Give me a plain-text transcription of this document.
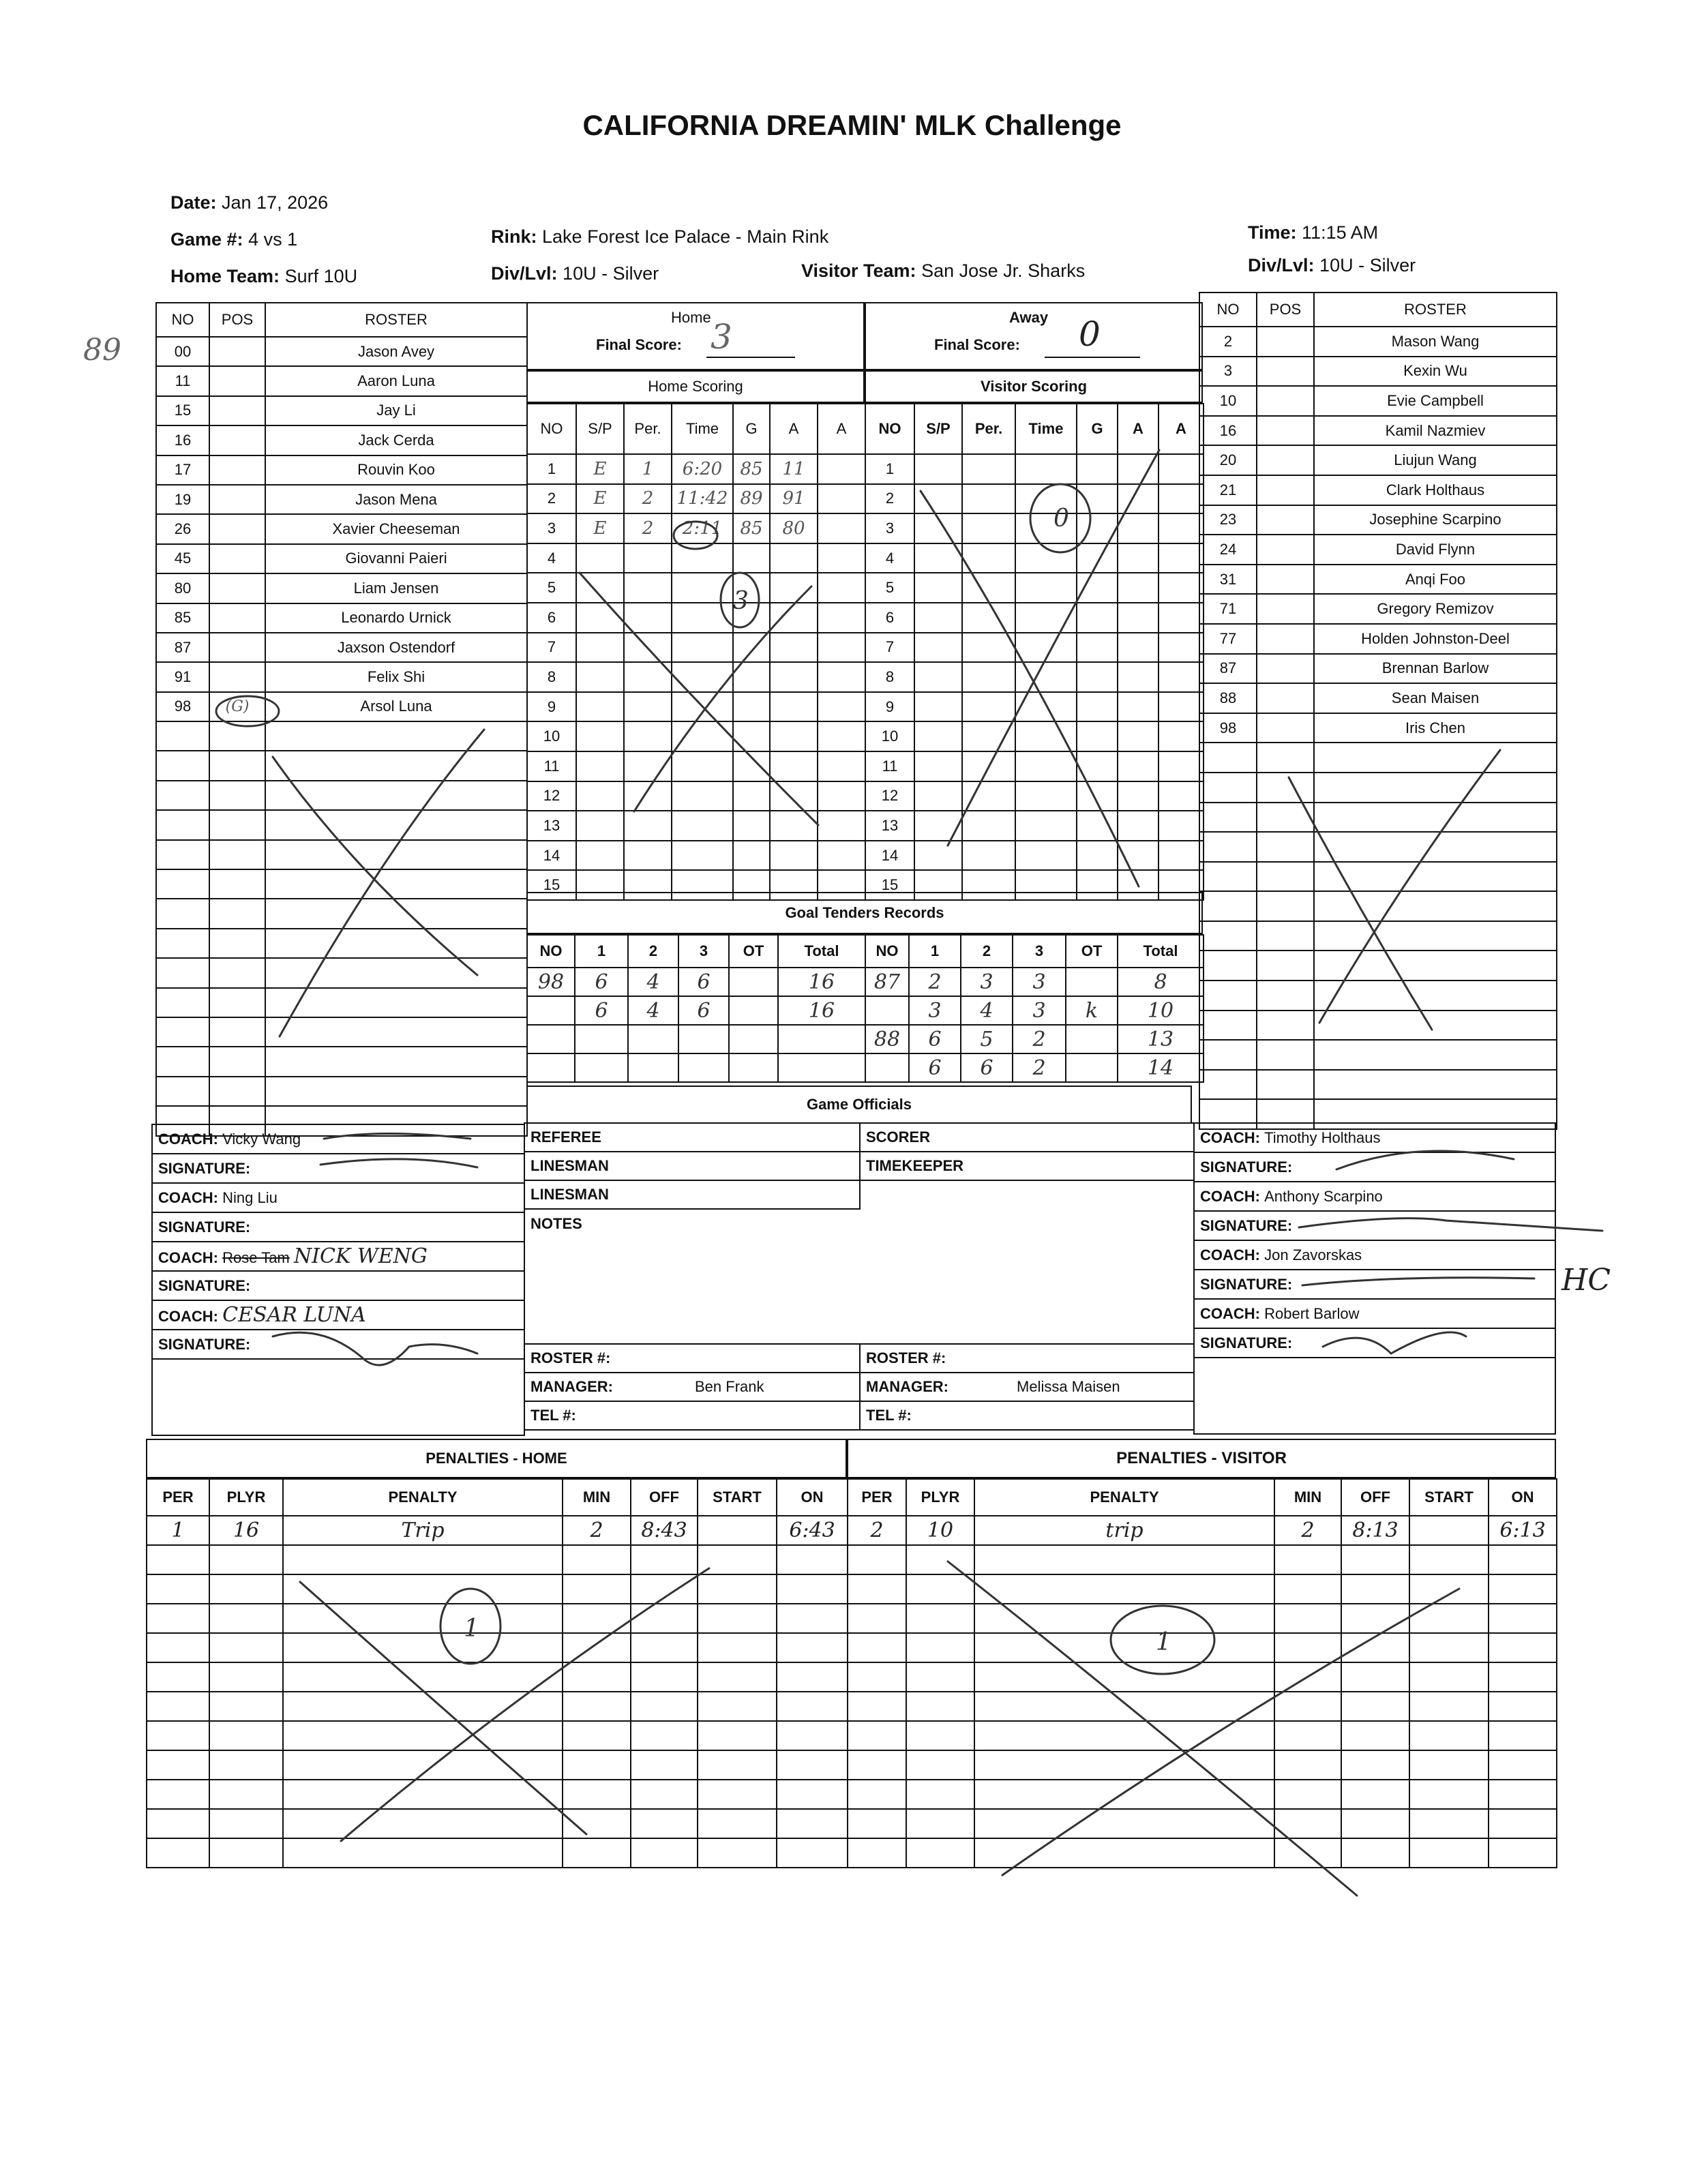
CALIFORNIA DREAMIN' MLK Challenge
Date: Jan 17, 2026
Game #: 4 vs 1	Rink: Lake Forest Ice Palace - Main Rink	Time: 11:15 AM
Home Team: Surf 10U	Div/Lvl: 10U - Silver	Visitor Team: San Jose Jr. Sharks	Div/Lvl: 10U - Silver
89
NO	POS	ROSTER
00		Jason Avey
11		Aaron Luna
15		Jay Li
16		Jack Cerda
17		Rouvin Koo
19		Jason Mena
26		Xavier Cheeseman
45		Giovanni Paieri
80		Liam Jensen
85		Leonardo Urnick
87		Jaxson Ostendorf
91		Felix Shi
98	(G)	Arsol Luna

NO	POS	ROSTER
2		Mason Wang
3		Kexin Wu
10		Evie Campbell
16		Kamil Nazmiev
20		Liujun Wang
21		Clark Holthaus
23		Josephine Scarpino
24		David Flynn
31		Anqi Foo
71		Gregory Remizov
77		Holden Johnston-Deel
87		Brennan Barlow
88		Sean Maisen
98		Iris Chen

Home
Final Score: 3	Away
Final Score: 0
Home Scoring	Visitor Scoring
NO	S/P	Per.	Time	G	A	A
1	E	1	6:20	85	11	
2	E	2	11:42	89	91	
3	E	2	2:11	85	80	
4						
5						
6						
7						
8						
9						
10						
11						
12						
13						
14						
15						
NO	S/P	Per.	Time	G	A	A
1						
2						
3						
4						
5						
6						
7						
8						
9						
10						
11						
12						
13						
14						
15						
Goal Tenders Records
NO	1	2	3	OT	Total
98	6	4	6		16
	6	4	6		16

NO	1	2	3	OT	Total
87	2	3	3		8
	3	4	3	k	10
88	6	5	2		13
	6	6	2		14
Game Officials
REFEREE	SCORER
LINESMAN	TIMEKEEPER
LINESMAN	
NOTES	
ROSTER #:	ROSTER #:
MANAGER: Ben Frank	MANAGER: Melissa Maisen
TEL #:	TEL #:
COACH: Vicky Wang
SIGNATURE:
COACH: Ning Liu
SIGNATURE:
COACH: Rose Tam NICK WENG
SIGNATURE:
COACH: CESAR LUNA
SIGNATURE:

COACH: Timothy Holthaus
SIGNATURE:
COACH: Anthony Scarpino
SIGNATURE:
COACH: Jon Zavorskas
SIGNATURE:
COACH: Robert Barlow
SIGNATURE:

HC
PENALTIES - HOME	PENALTIES - VISITOR
PER	PLYR	PENALTY	MIN	OFF	START	ON
1	16	Trip	2	8:43		6:43

PER	PLYR	PENALTY	MIN	OFF	START	ON
2	10	trip	2	8:13		6:13

3
0
1	1
